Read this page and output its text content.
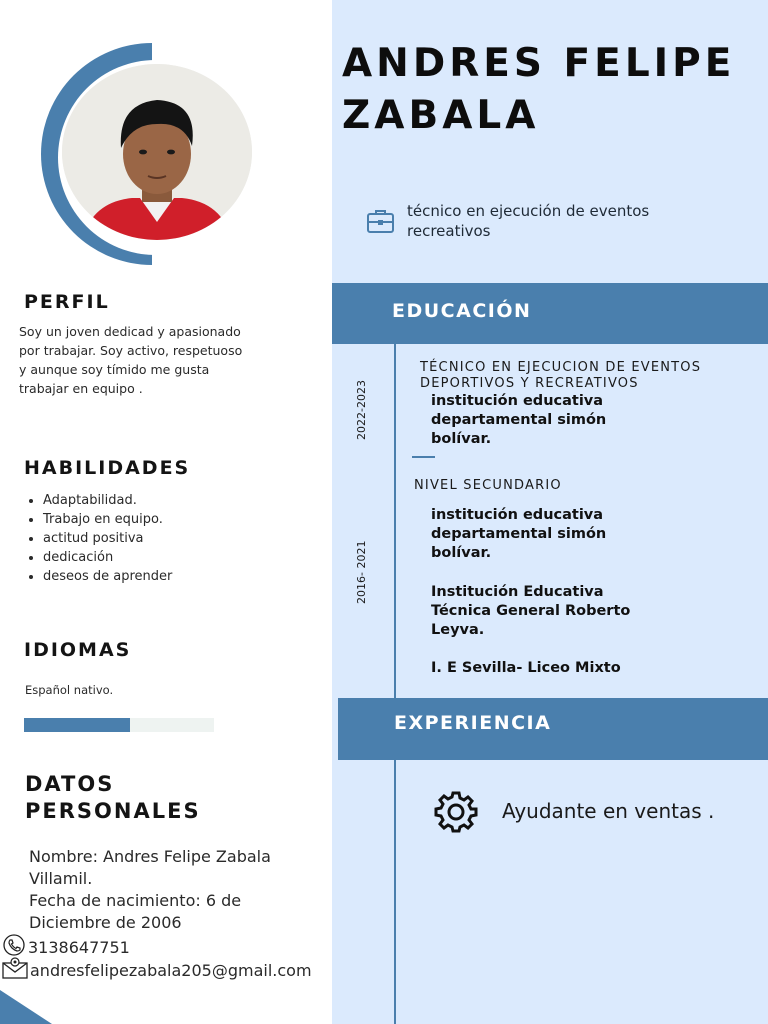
ANDRES FELIPE
ZABALA
técnico en ejecución de eventos recreativos
PERFIL
Soy un joven dedicad y apasionado por trabajar. Soy activo, respetuoso y aunque soy tímido me gusta trabajar en equipo .
HABILIDADES
• Adaptabilidad.
• Trabajo en equipo.
• actitud positiva
• dedicación
• deseos de aprender
IDIOMAS
Español nativo.
DATOS
PERSONALES
Nombre: Andres Felipe Zabala Villamil.
Fecha de nacimiento: 6 de Diciembre de 2006
3138647751
andresfelipezabala205@gmail.com
EDUCACIÓN
2022-2023
TÉCNICO EN EJECUCION DE EVENTOS DEPORTIVOS Y RECREATIVOS
institución educativa departamental simón bolívar.
2016- 2021
NIVEL SECUNDARIO
institución educativa departamental simón bolívar.
Institución Educativa Técnica General Roberto Leyva.
I. E Sevilla- Liceo Mixto
EXPERIENCIA
Ayudante en ventas .
